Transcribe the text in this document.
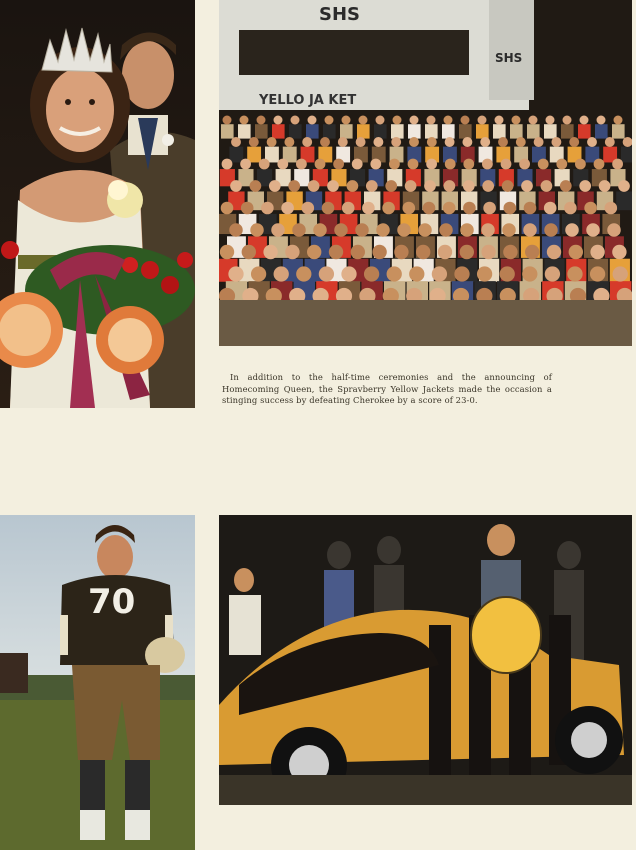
SHS
SHS
YELLO JA KET
In addition to the half-time ceremonies and the announcing of Homecoming Queen, the Spravberry Yellow Jackets made the occasion a stinging success by defeating Cherokee by a score of 23-0.
70
